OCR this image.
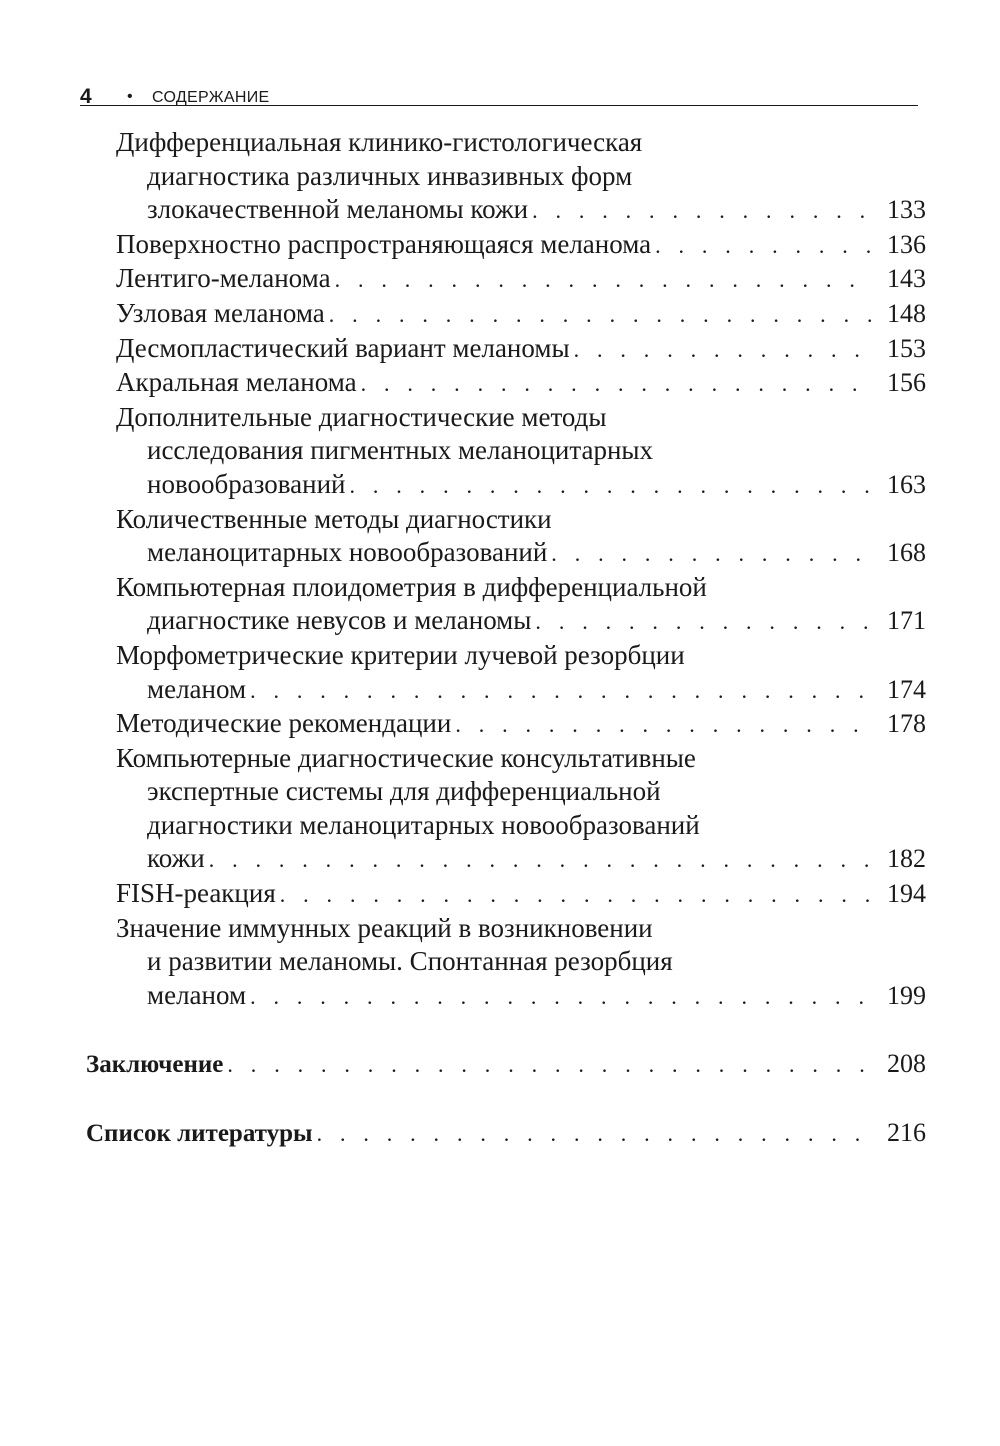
4 • СОДЕРЖАНИЕ
Дифференциальная клинико-гистологическая
диагностика различных инвазивных форм
злокачественной меланомы кожи . . .	133
Поверхностно распространяющаяся меланома . . .	136
Лентиго-меланома . . .	143
Узловая меланома . . .	148
Десмопластический вариант меланомы . . .	153
Акральная меланома . . .	156
Дополнительные диагностические методы
исследования пигментных меланоцитарных
новообразований . . .	163
Количественные методы диагностики
меланоцитарных новообразований . . .	168
Компьютерная плоидометрия в дифференциальной
диагностике невусов и меланомы . . .	171
Морфометрические критерии лучевой резорбции
меланом . . .	174
Методические рекомендации . . .	178
Компьютерные диагностические консультативные
экспертные системы для дифференциальной
диагностики меланоцитарных новообразований
кожи . . .	182
FISH-реакция . . .	194
Значение иммунных реакций в возникновении
и развитии меланомы. Спонтанная резорбция
меланом . . .	199
Заключение . . .	208
Список литературы . . .	216
